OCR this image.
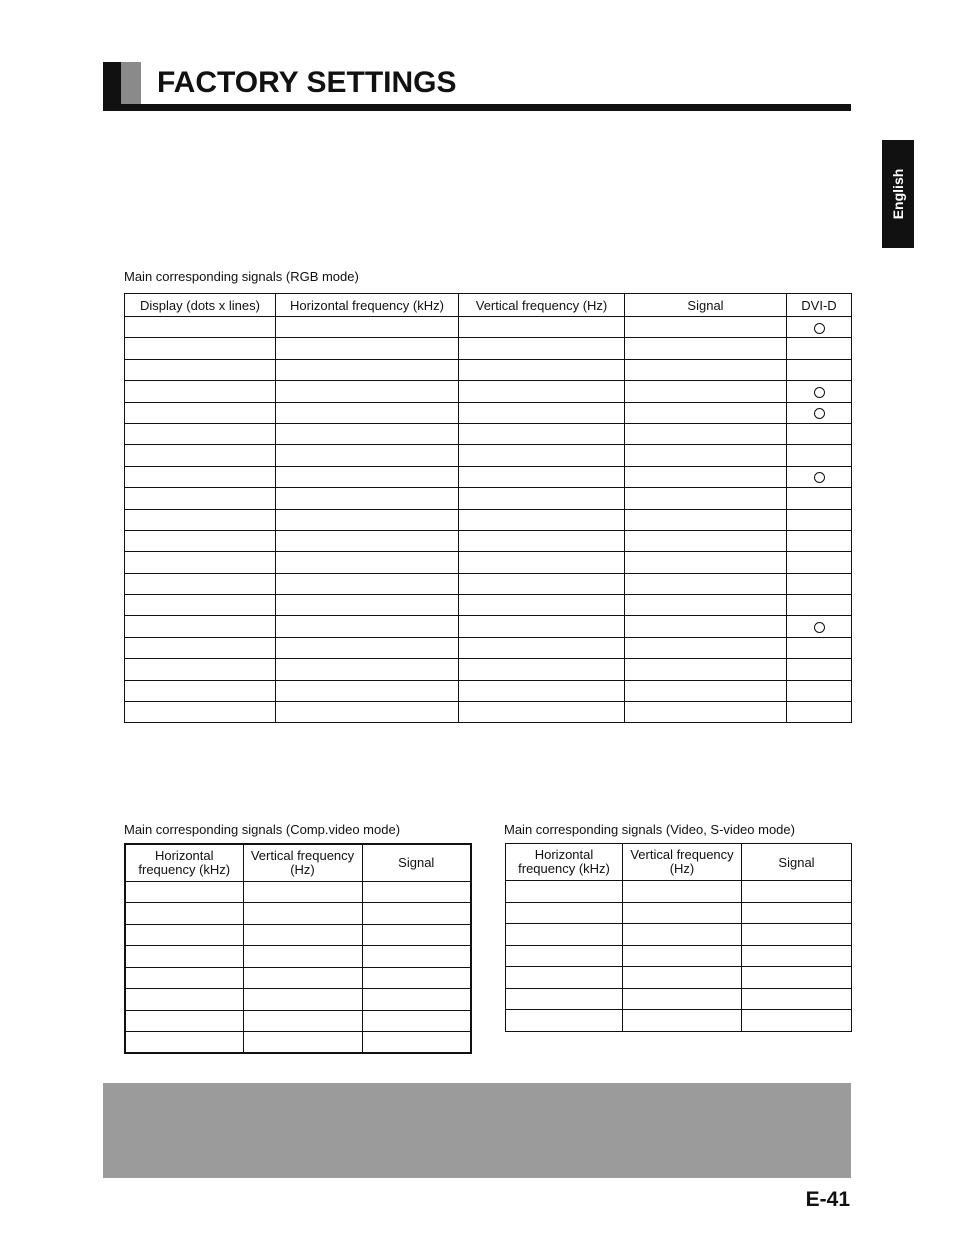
FACTORY SETTINGS
English
Main corresponding signals (RGB mode)
Display (dots x lines)	Horizontal frequency (kHz)	Vertical frequency (Hz)	Signal	DVI-D

Main corresponding signals (Comp.video mode)
Horizontal frequency (kHz)	Vertical frequency (Hz)	Signal

Main corresponding signals (Video, S-video mode)
Horizontal frequency (kHz)	Vertical frequency (Hz)	Signal

E-41
